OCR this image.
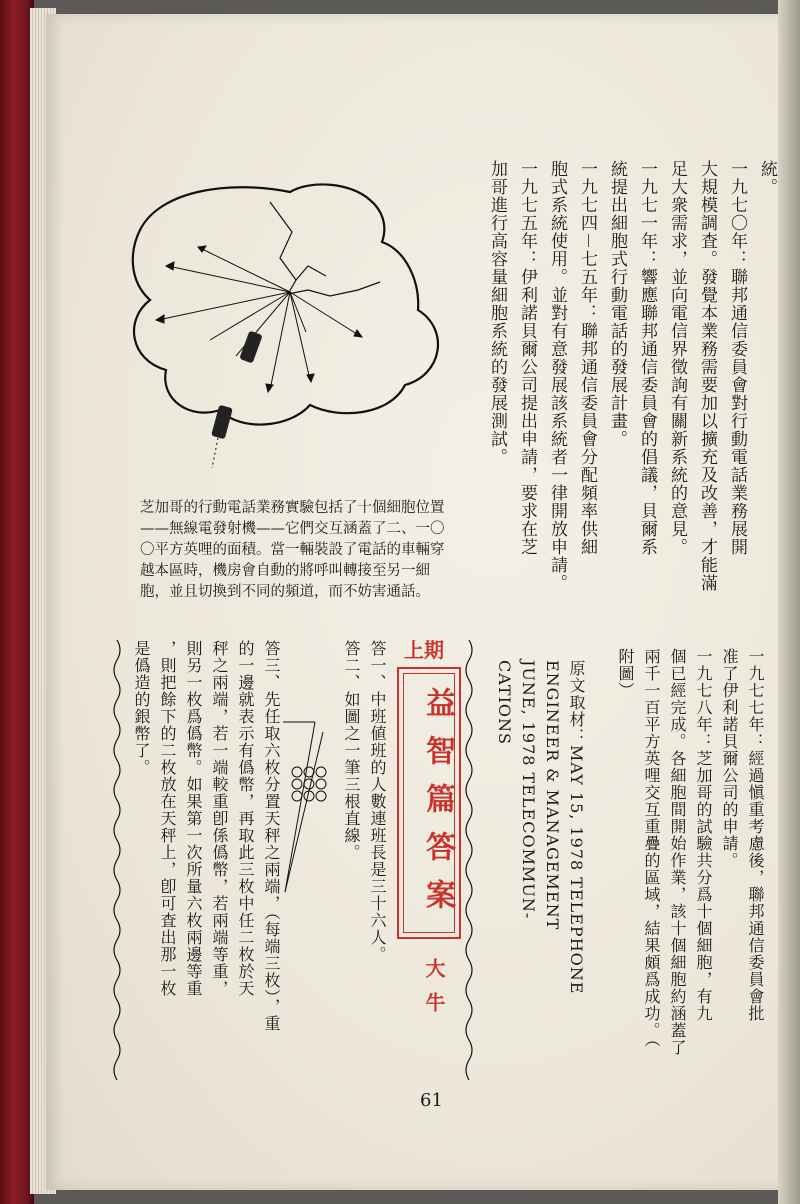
統。

一九七〇年：聯邦通信委員會對行動電話業務展開

大規模調査。發覺本業務需要加以擴充及改善，才能滿

足大衆需求，並向電信界徵詢有關新系統的意見。

一九七一年：響應聯邦通信委員會的倡議，貝爾系

統提出細胞式行動電話的發展計畫。

一九七四－七五年：聯邦通信委員會分配頻率供細

胞式系統使用。並對有意發展該系統者一律開放申請。

一九七五年：伊利諾貝爾公司提出申請，要求在芝

加哥進行高容量細胞系統的發展測試。

芝加哥的行動電話業務實驗包括了十個細胞位置——無線電發射機——它們交互涵蓋了二、一〇〇平方英哩的面積。當一輛裝設了電話的車輛穿越本區時，機房會自動的將呼叫轉接至另一細胞，並且切換到不同的頻道，而不妨害通話。

一九七七年：經過愼重考慮後，聯邦通信委員會批

准了伊利諾貝爾公司的申請。

一九七八年：芝加哥的試驗共分爲十個細胞，有九

個已經完成。各細胞間開始作業，該十個細胞約涵蓋了

兩千一百平方英哩交互重疊的區域，結果頗爲成功。（

附圖）

原文取材：MAY 15, 1978 TELEPHONE

ENGINEER & MANAGEMENT

JUNE, 1978 TELECOMMUN-

CATIONS

上期

益智篇答案

大牛

答一、中班値班的人數連班長是三十六人。

答二、如圖之一筆三根直線。

答三、先任取六枚分置天秤之兩端，（每端三枚），重

的一邊就表示有僞幣，再取此三枚中任二枚於天

秤之兩端，若一端較重卽係僞幣，若兩端等重，

則另一枚爲僞幣。如果第一次所量六枚兩邊等重

，則把餘下的二枚放在天秤上，卽可査出那一枚

是僞造的銀幣了。

61
